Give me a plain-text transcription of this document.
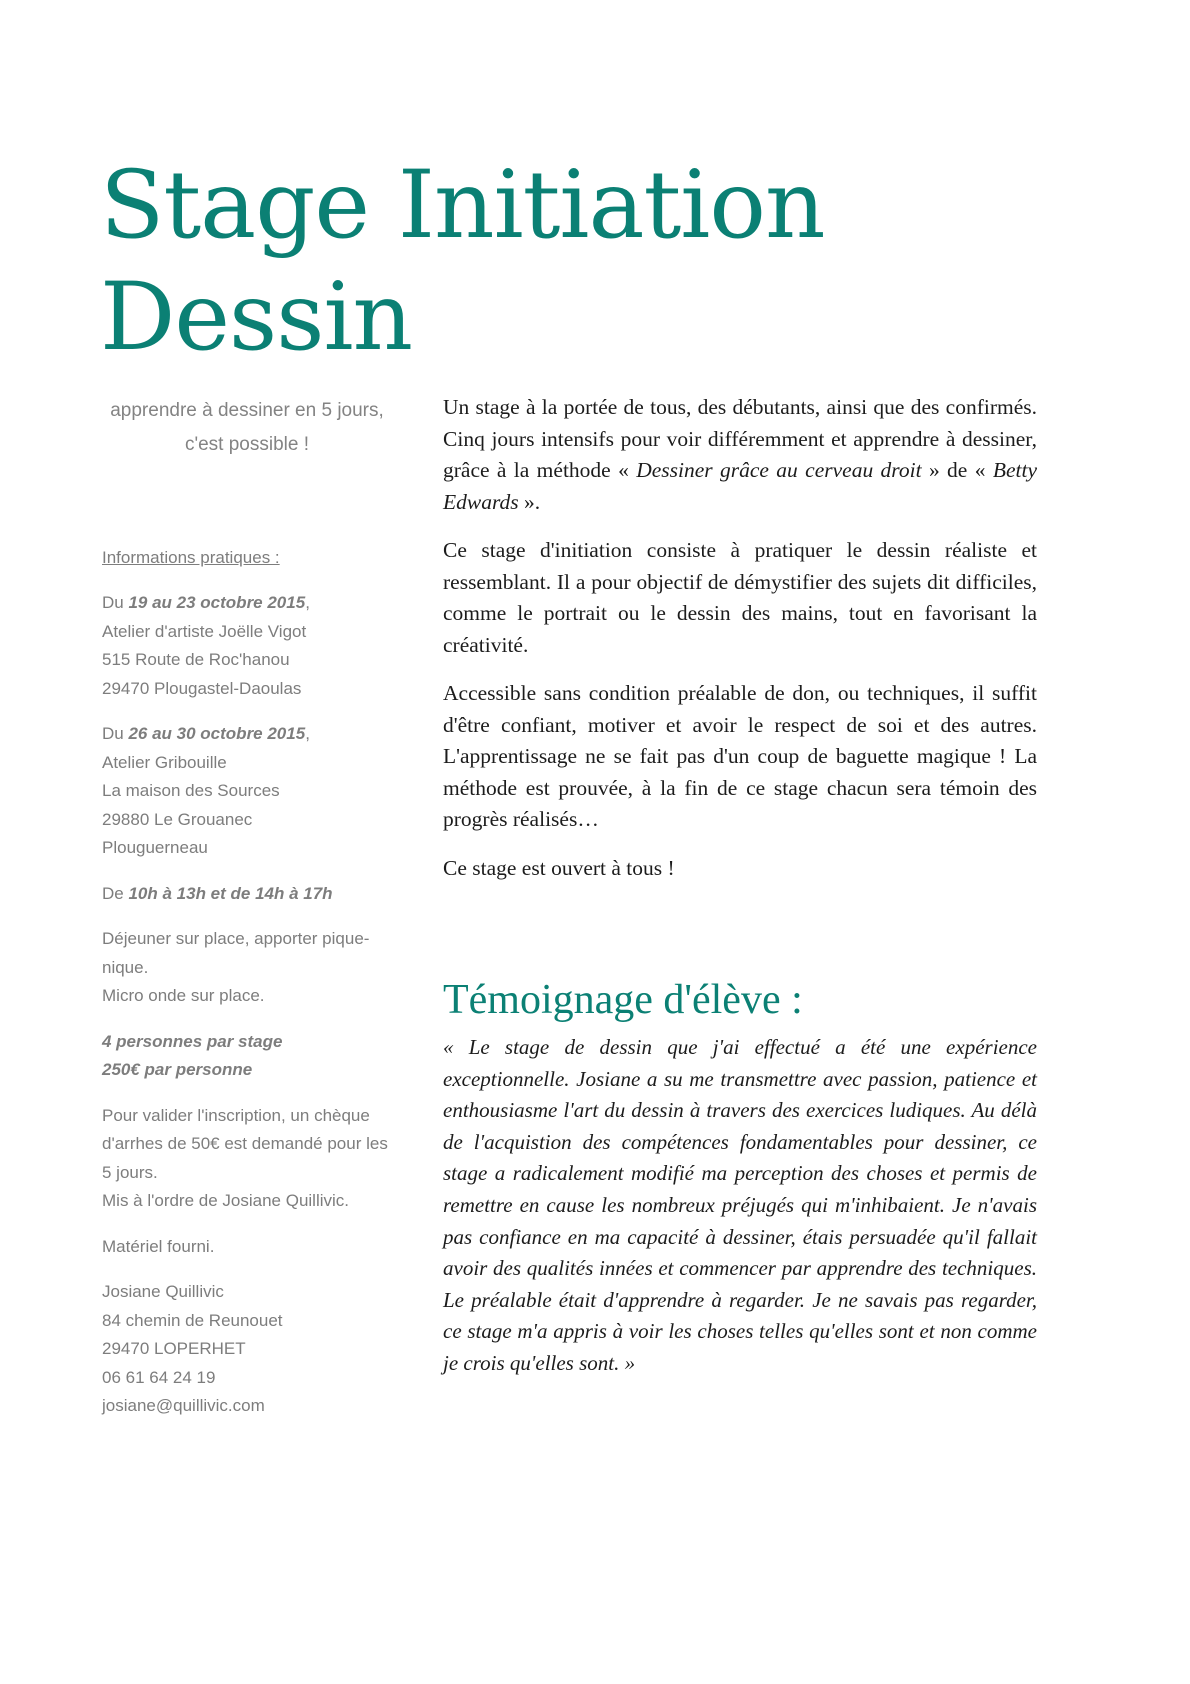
Stage Initiation
Dessin

apprendre à dessiner en 5 jours, c'est possible !

Informations pratiques :

Du 19 au 23 octobre 2015,
Atelier d'artiste Joëlle Vigot
515 Route de Roc'hanou
29470 Plougastel-Daoulas
Du 26 au 30 octobre 2015,
Atelier Gribouille
La maison des Sources
29880 Le Grouanec
Plouguerneau
De 10h à 13h et de 14h à 17h
Déjeuner sur place, apporter pique-nique.
Micro onde sur place.
4 personnes par stage
250€ par personne
Pour valider l'inscription, un chèque d'arrhes de 50€ est demandé pour les 5 jours.
Mis à l'ordre de Josiane Quillivic.
Matériel fourni.
Josiane Quillivic
84 chemin de Reunouet
29470 LOPERHET
06 61 64 24 19
josiane@quillivic.com

Un stage à la portée de tous, des débutants, ainsi que des confirmés. Cinq jours intensifs pour voir différemment et apprendre à dessiner, grâce à la méthode « Dessiner grâce au cerveau droit » de « Betty Edwards ».

Ce stage d'initiation consiste à pratiquer le dessin réaliste et ressemblant. Il a pour objectif de démystifier des sujets dit difficiles, comme le portrait ou le dessin des mains, tout en favorisant la créativité.

Accessible sans condition préalable de don, ou techniques, il suffit d'être confiant, motiver et avoir le respect de soi et des autres. L'apprentissage ne se fait pas d'un coup de baguette magique ! La méthode est prouvée, à la fin de ce stage chacun sera témoin des progrès réalisés…

Ce stage est ouvert à tous !

Témoignage d'élève :

« Le stage de dessin que j'ai effectué a été une expérience exceptionnelle. Josiane a su me transmettre avec passion, patience et enthousiasme l'art du dessin à travers des exercices ludiques. Au délà de l'acquistion des compétences fondamentables pour dessiner, ce stage a radicalement modifié ma perception des choses et permis de remettre en cause les nombreux préjugés qui m'inhibaient. Je n'avais pas confiance en ma capacité à dessiner, étais persuadée qu'il fallait avoir des qualités innées et commencer par apprendre des techniques. Le préalable était d'apprendre à regarder. Je ne savais pas regarder, ce stage m'a appris à voir les choses telles qu'elles sont et non comme je crois qu'elles sont. »
